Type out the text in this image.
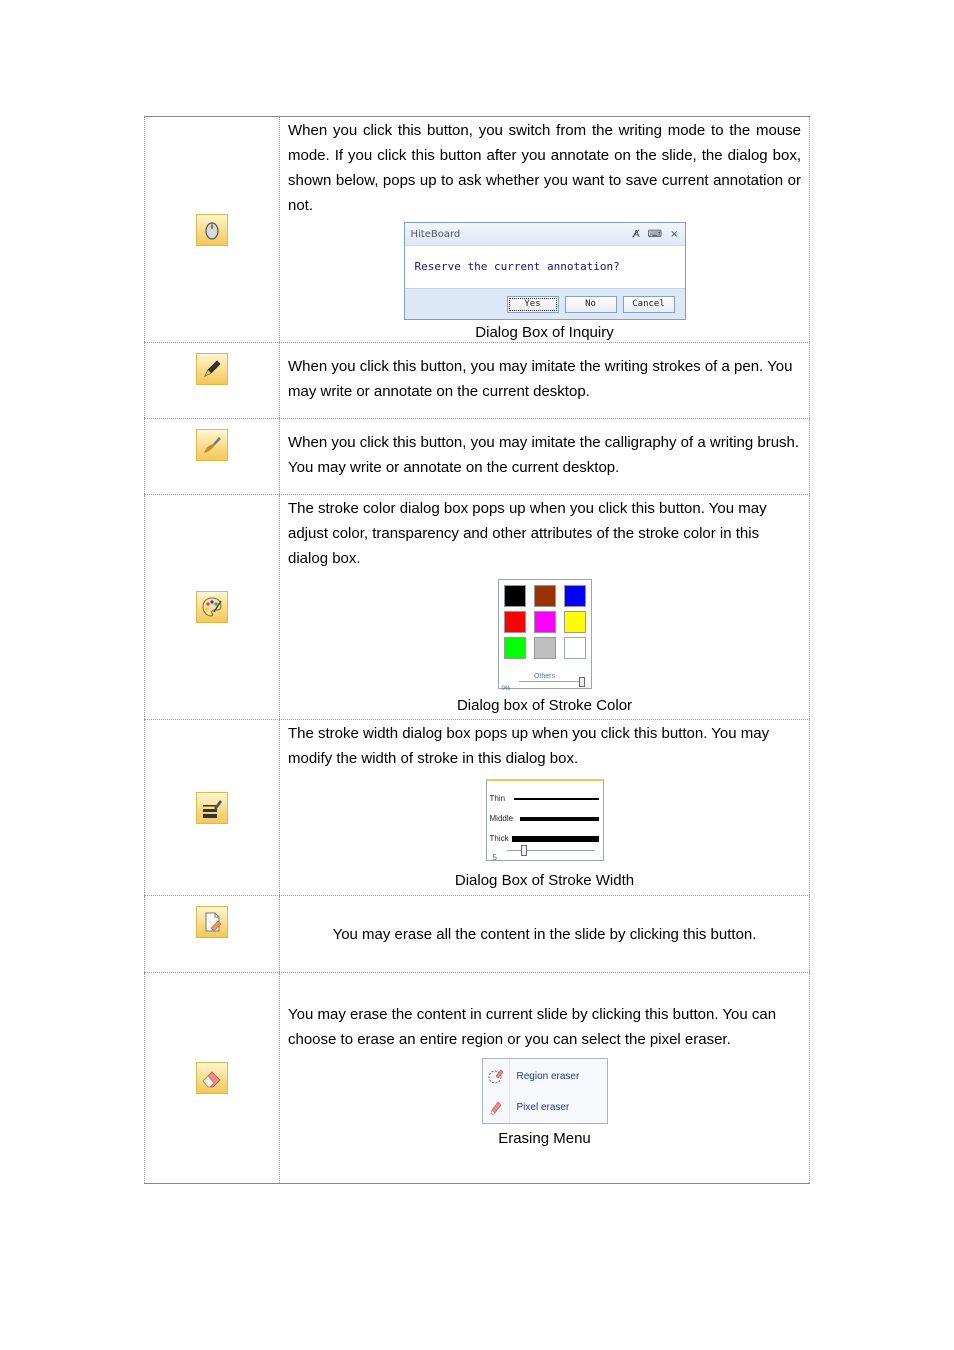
When you click this button, you switch from the writing mode to the mouse mode. If you click this button after you annotate on the slide, the dialog box, shown below, pops up to ask whether you want to save current annotation or not.
HiteBoard	A̸ ⌨ ×
Reserve the current annotation?
Yes	No	Cancel
Dialog Box of Inquiry
When you click this button, you may imitate the writing strokes of a pen. You may write or annotate on the current desktop.
When you click this button, you may imitate the calligraphy of a writing brush.　 You may write or annotate on the current desktop.
The stroke color dialog box pops up when you click this button. You may adjust color, transparency and other attributes of the stroke color in this dialog box.
Others
0%
Dialog box of Stroke Color
The stroke width dialog box pops up when you click this button. You may modify the width of stroke in this dialog box.
Thin
Middle
Thick
5
Dialog Box of Stroke Width
You may erase all the content in the slide by clicking this button.
You may erase the content in current slide by clicking this button. You can choose to erase an entire region or you can select the pixel eraser.
Region eraser
Pixel eraser
Erasing Menu
